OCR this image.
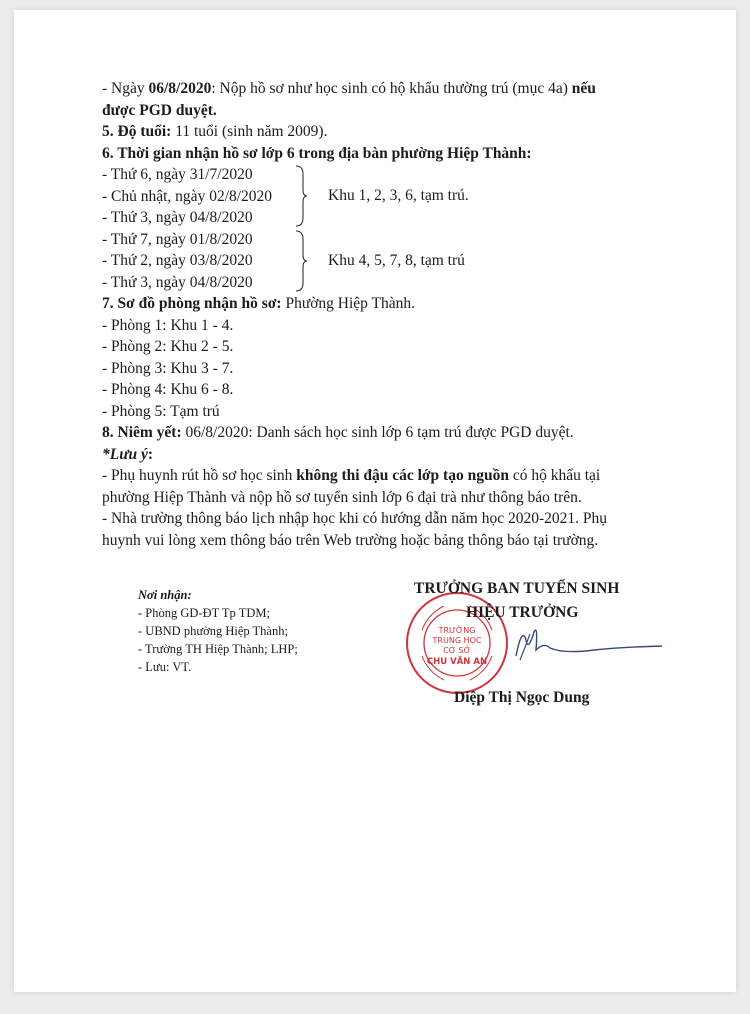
- Ngày 06/8/2020: Nộp hồ sơ như học sinh có hộ khẩu thường trú (mục 4a) nếu
được PGD duyệt.
5. Độ tuổi: 11 tuổi (sinh năm 2009).
6. Thời gian nhận hồ sơ lớp 6 trong địa bàn phường Hiệp Thành:
- Thứ 6, ngày 31/7/2020
- Chủ nhật, ngày 02/8/2020
- Thứ 3, ngày 04/8/2020
Khu 1, 2, 3, 6, tạm trú.
- Thứ 7, ngày 01/8/2020
- Thứ 2, ngày 03/8/2020
- Thứ 3, ngày 04/8/2020
Khu 4, 5, 7, 8, tạm trú
7. Sơ đồ phòng nhận hồ sơ: Phường Hiệp Thành.
- Phòng 1: Khu 1 - 4.
- Phòng 2: Khu 2 - 5.
- Phòng 3: Khu 3 - 7.
- Phòng 4: Khu 6 - 8.
- Phòng 5: Tạm trú
8. Niêm yết: 06/8/2020: Danh sách học sinh lớp 6 tạm trú được PGD duyệt.
*Lưu ý:
- Phụ huynh rút hồ sơ học sinh không thi đậu các lớp tạo nguồn có hộ khẩu tại
phường Hiệp Thành và nộp hồ sơ tuyển sinh lớp 6 đại trà như thông báo trên.
- Nhà trường thông báo lịch nhập học khi có hướng dẫn năm học 2020-2021. Phụ
huynh vui lòng xem thông báo trên Web trường hoặc bảng thông báo tại trường.
Nơi nhận:
- Phòng GD-ĐT Tp TDM;
- UBND phường Hiệp Thành;
- Trường TH Hiệp Thành; LHP;
- Lưu: VT.
TRƯỜNG
TRUNG HỌC
CƠ SỞ
CHU VĂN AN
TRƯỞNG BAN TUYỂN SINH
HIỆU TRƯỞNG
Diệp Thị Ngọc Dung
